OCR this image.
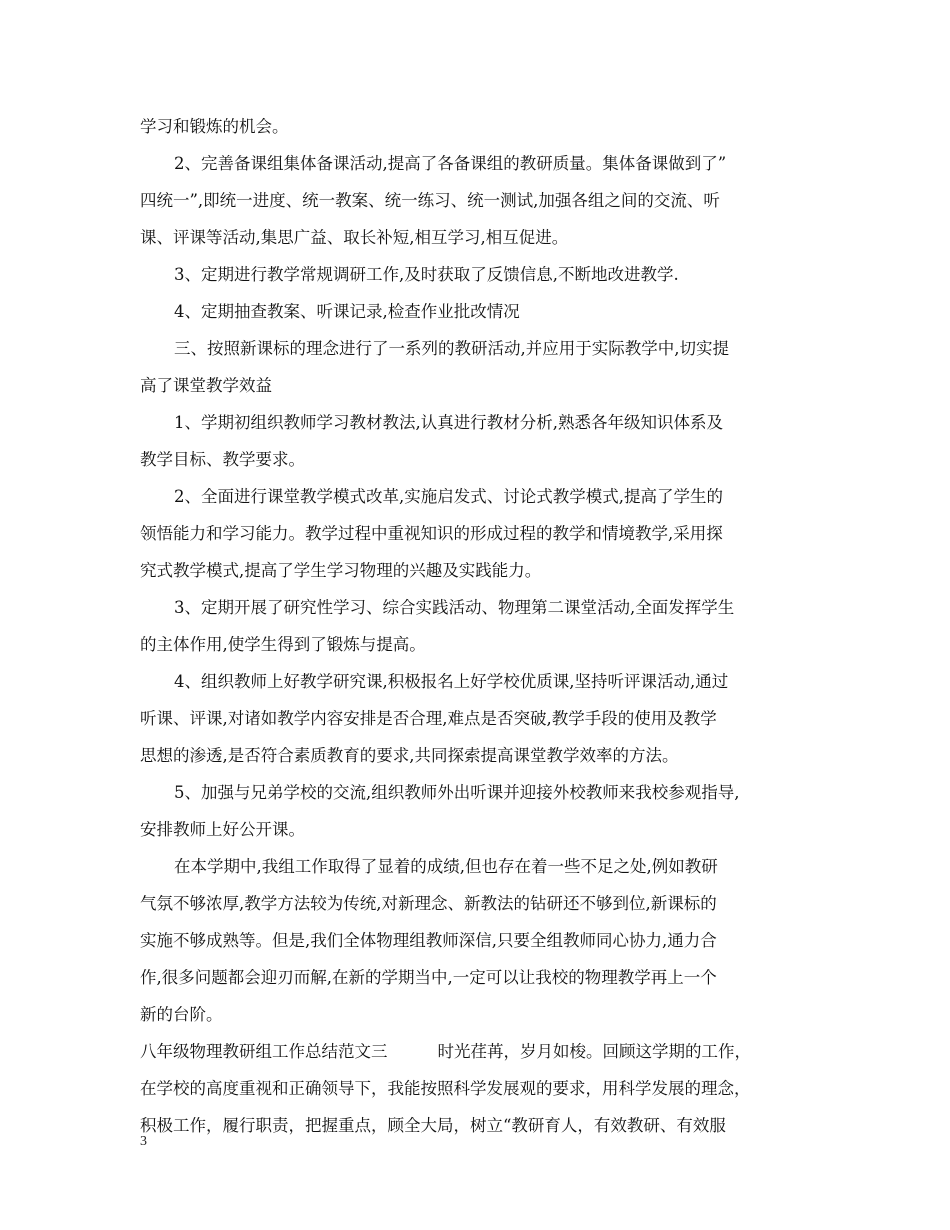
学习和锻炼的机会。
2、完善备课组集体备课活动,提高了各备课组的教研质量。集体备课做到了”
四统一”,即统一进度、统一教案、统一练习、统一测试,加强各组之间的交流、听
课、评课等活动,集思广益、取长补短,相互学习,相互促进。
3、定期进行教学常规调研工作,及时获取了反馈信息,不断地改进教学.
4、定期抽查教案、听课记录,检查作业批改情况
三、按照新课标的理念进行了一系列的教研活动,并应用于实际教学中,切实提
高了课堂教学效益
1、学期初组织教师学习教材教法,认真进行教材分析,熟悉各年级知识体系及
教学目标、教学要求。
2、全面进行课堂教学模式改革,实施启发式、讨论式教学模式,提高了学生的
领悟能力和学习能力。教学过程中重视知识的形成过程的教学和情境教学,采用探
究式教学模式,提高了学生学习物理的兴趣及实践能力。
3、定期开展了研究性学习、综合实践活动、物理第二课堂活动,全面发挥学生
的主体作用,使学生得到了锻炼与提高。
4、组织教师上好教学研究课,积极报名上好学校优质课,坚持听评课活动,通过
听课、评课,对诸如教学内容安排是否合理,难点是否突破,教学手段的使用及教学
思想的渗透,是否符合素质教育的要求,共同探索提高课堂教学效率的方法。
5、加强与兄弟学校的交流,组织教师外出听课并迎接外校教师来我校参观指导,
安排教师上好公开课。
在本学期中,我组工作取得了显着的成绩,但也存在着一些不足之处,例如教研
气氛不够浓厚,教学方法较为传统,对新理念、新教法的钻研还不够到位,新课标的
实施不够成熟等。但是,我们全体物理组教师深信,只要全组教师同心协力,通力合
作,很多问题都会迎刃而解,在新的学期当中,一定可以让我校的物理教学再上一个
新的台阶。
八年级物理教研组工作总结范文三	时光荏苒，岁月如梭。回顾这学期的工作，
在学校的高度重视和正确领导下，我能按照科学发展观的要求，用科学发展的理念，
积极工作，履行职责，把握重点，顾全大局，树立“教研育人，有效教研、有效服
3
